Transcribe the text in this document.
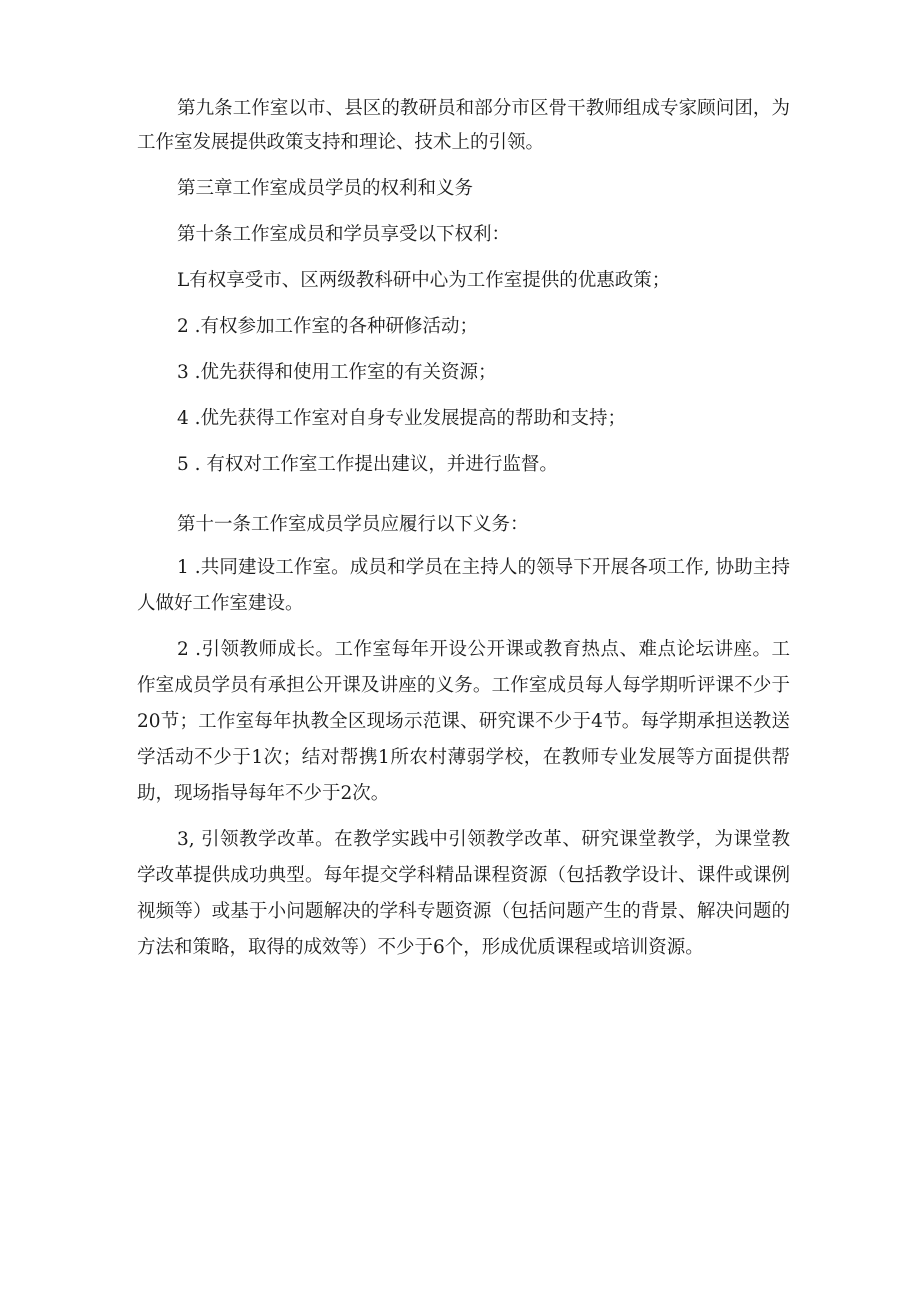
第九条工作室以市、县区的教研员和部分市区骨干教师组成专家顾问团，为工作室发展提供政策支持和理论、技术上的引领。

第三章工作室成员学员的权利和义务

第十条工作室成员和学员享受以下权利：

L有权享受市、区两级教科研中心为工作室提供的优惠政策；

2 .有权参加工作室的各种研修活动；

3 .优先获得和使用工作室的有关资源；

4 .优先获得工作室对自身专业发展提高的帮助和支持；

5 . 有权对工作室工作提出建议，并进行监督。

第十一条工作室成员学员应履行以下义务：

1 .共同建设工作室。成员和学员在主持人的领导下开展各项工作, 协助主持人做好工作室建设。

2 .引领教师成长。工作室每年开设公开课或教育热点、难点论坛讲座。工作室成员学员有承担公开课及讲座的义务。工作室成员每人每学期听评课不少于20节；工作室每年执教全区现场示范课、研究课不少于4节。每学期承担送教送学活动不少于1次；结对帮携1所农村薄弱学校，在教师专业发展等方面提供帮助，现场指导每年不少于2次。

3, 引领教学改革。在教学实践中引领教学改革、研究课堂教学，为课堂教学改革提供成功典型。每年提交学科精品课程资源（包括教学设计、课件或课例视频等）或基于小问题解决的学科专题资源（包括问题产生的背景、解决问题的方法和策略，取得的成效等）不少于6个，形成优质课程或培训资源。
